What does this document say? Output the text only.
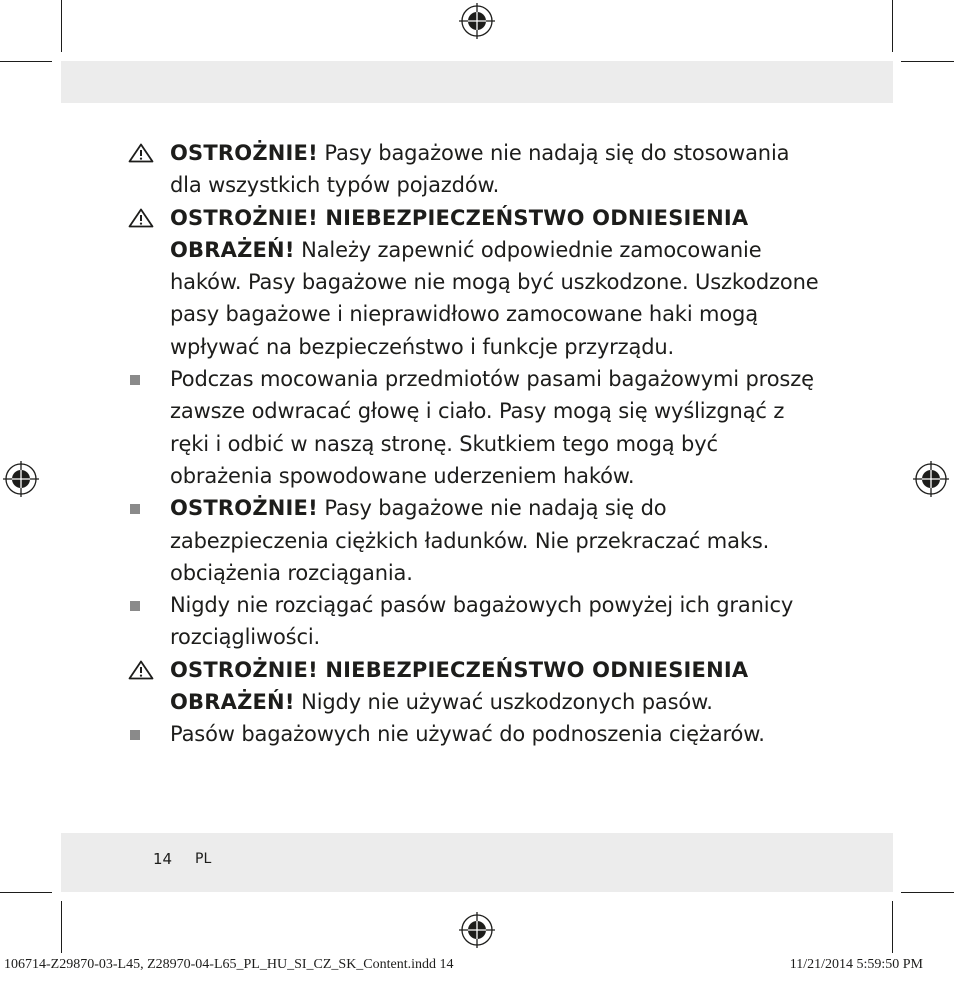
OSTROŻNIE! Pasy bagażowe nie nadają się do stosowania dla wszystkich typów pojazdów.
OSTROŻNIE! NIEBEZPIECZEŃSTWO ODNIESIENIA OBRAŻEŃ! Należy zapewnić odpowiednie zamocowanie haków. Pasy bagażowe nie mogą być uszkodzone. Uszkodzone pasy bagażowe i nieprawidłowo zamocowane haki mogą wpływać na bezpieczeństwo i funkcje przyrządu.
Podczas mocowania przedmiotów pasami bagażowymi proszę zawsze odwracać głowę i ciało. Pasy mogą się wyślizgnąć z ręki i odbić w naszą stronę. Skutkiem tego mogą być obrażenia spowodowane uderzeniem haków.
OSTROŻNIE! Pasy bagażowe nie nadają się do zabezpieczenia ciężkich ładunków. Nie przekraczać maks. obciążenia rozciągania.
Nigdy nie rozciągać pasów bagażowych powyżej ich granicy rozciągliwości.
OSTROŻNIE! NIEBEZPIECZEŃSTWO ODNIESIENIA OBRAŻEŃ! Nigdy nie używać uszkodzonych pasów.
Pasów bagażowych nie używać do podnoszenia ciężarów.
14 PL
106714-Z29870-03-L45, Z28970-04-L65_PL_HU_SI_CZ_SK_Content.indd 14	11/21/2014 5:59:50 PM
